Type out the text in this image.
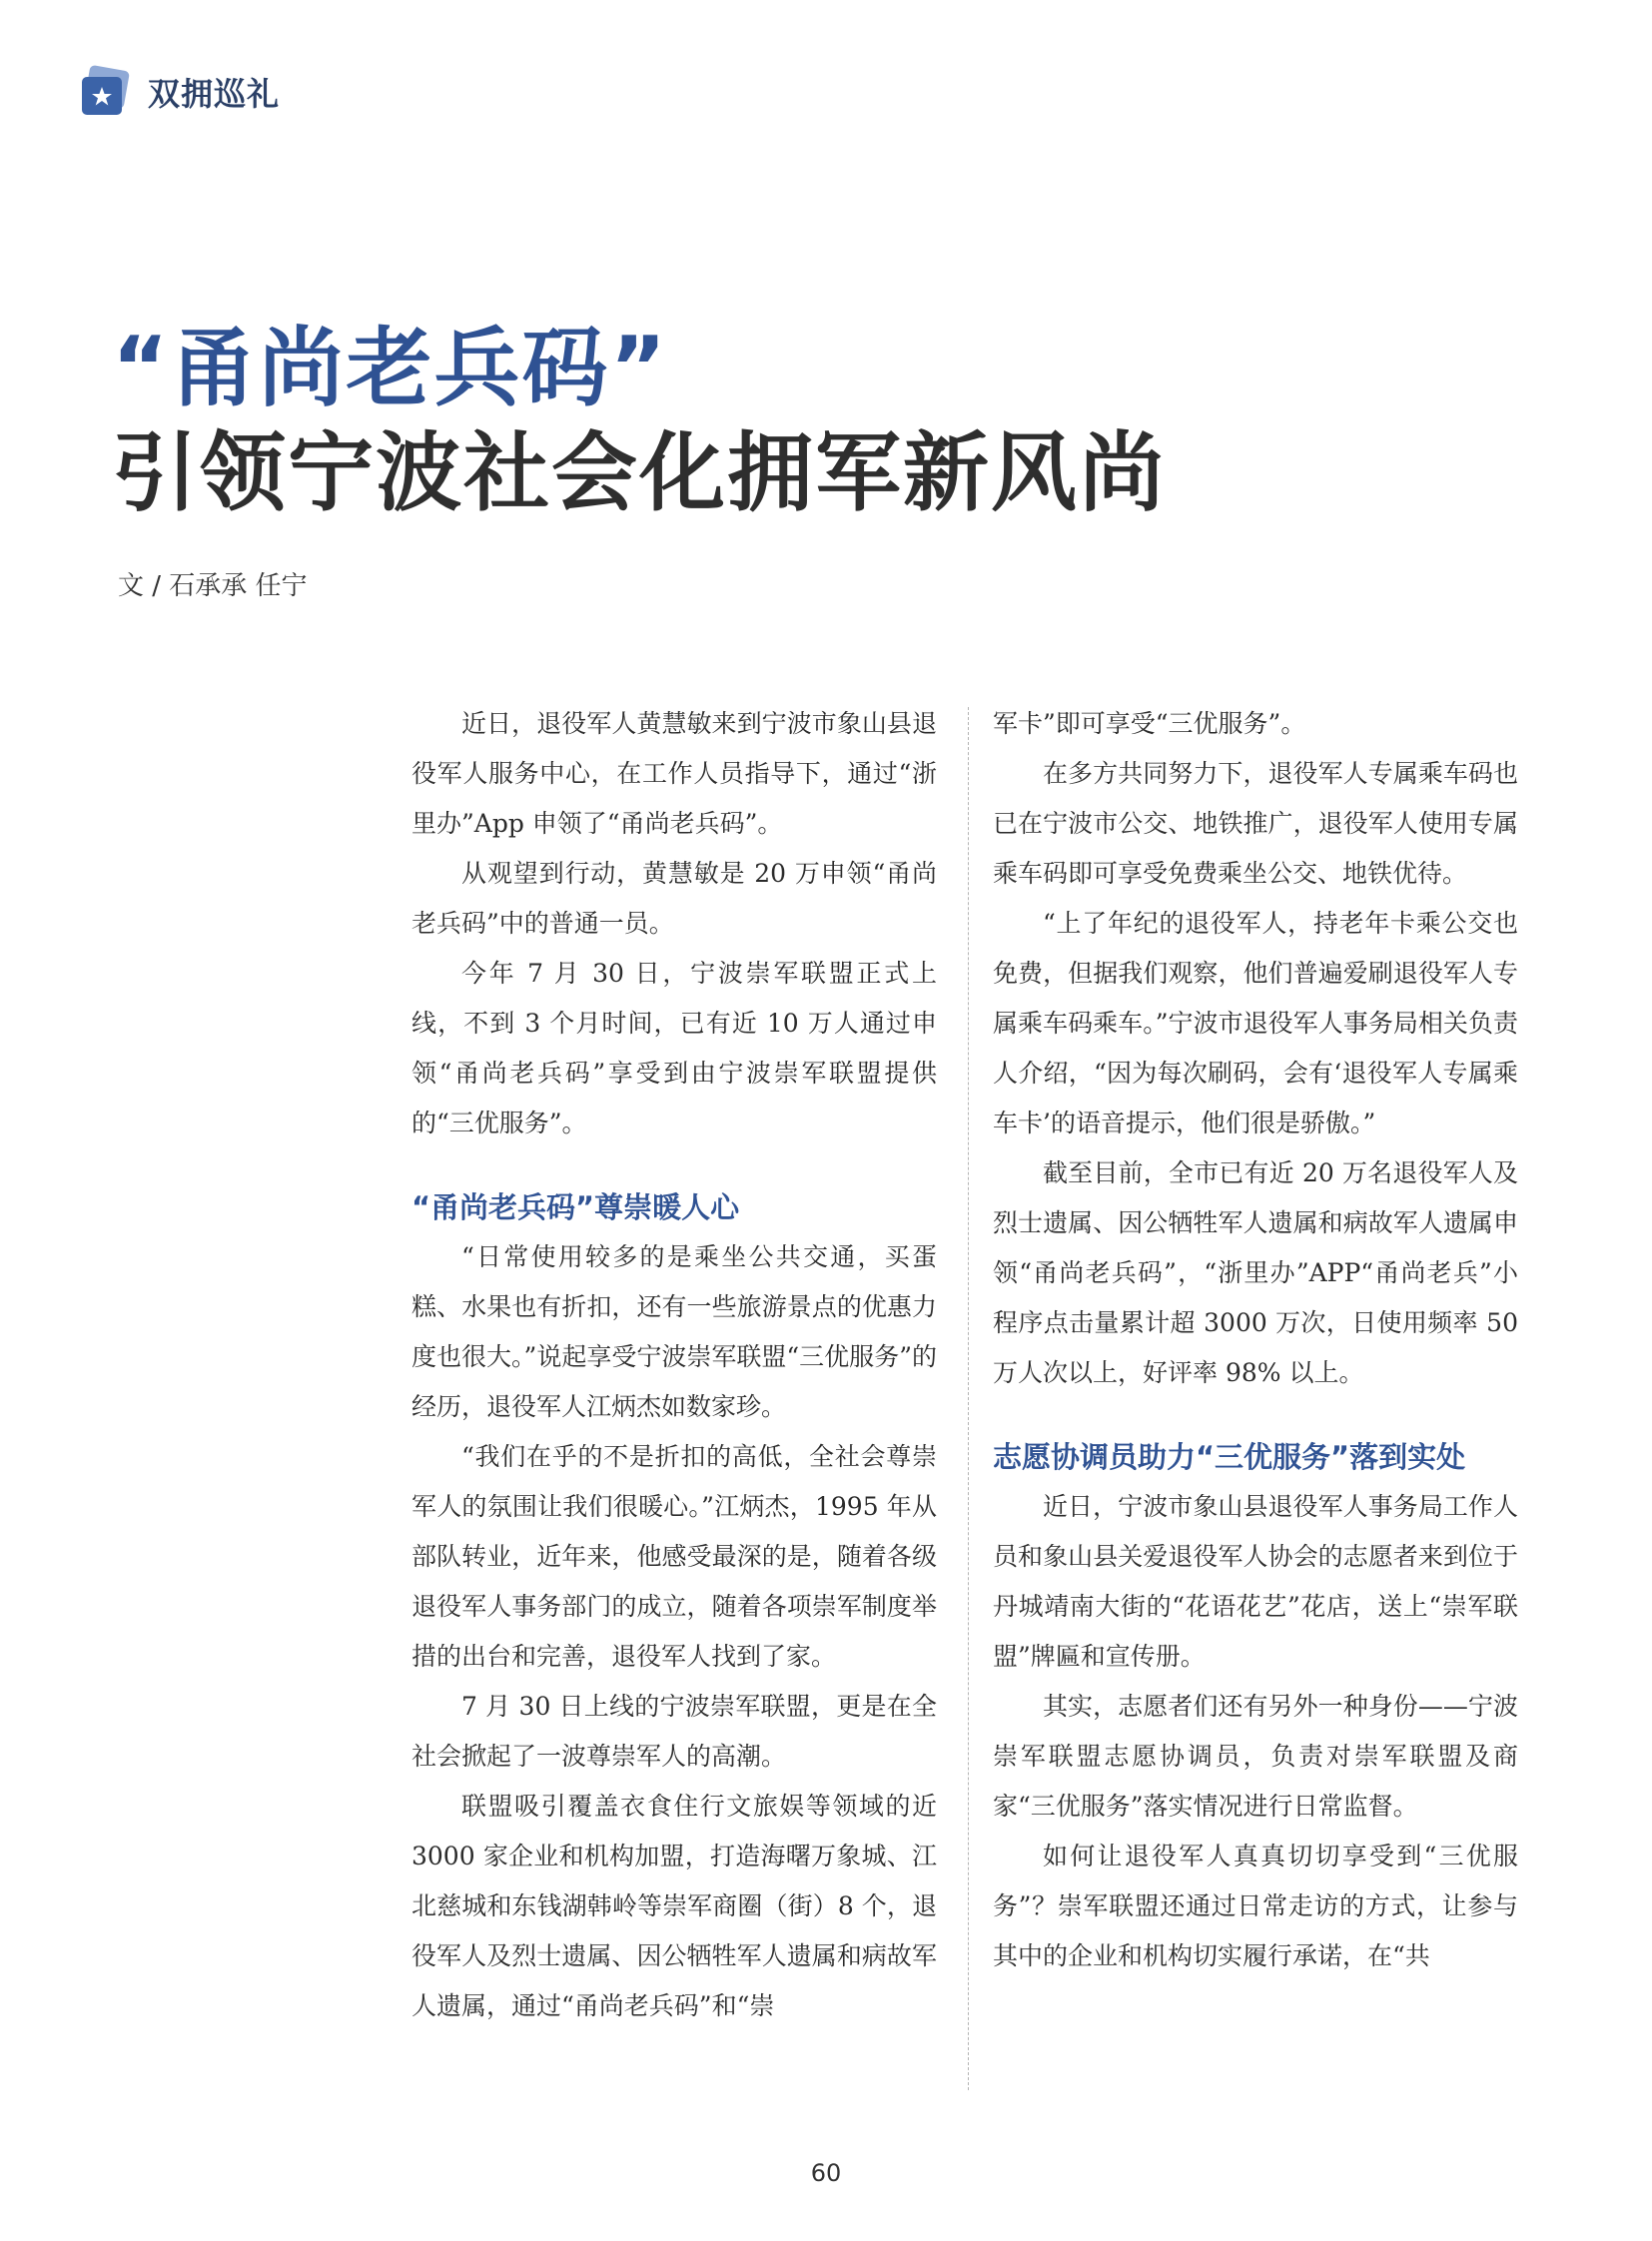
双拥巡礼
“甬尚老兵码”
引领宁波社会化拥军新风尚
文 / 石承承 任宁

近日，退役军人黄慧敏来到宁波市象山县退役军人服务中心，在工作人员指导下，通过“浙里办”App 申领了“甬尚老兵码”。

从观望到行动，黄慧敏是 20 万申领“甬尚老兵码”中的普通一员。

今年 7 月 30 日，宁波崇军联盟正式上线，不到 3 个月时间，已有近 10 万人通过申领“甬尚老兵码”享受到由宁波崇军联盟提供的“三优服务”。

“甬尚老兵码”尊崇暖人心

“日常使用较多的是乘坐公共交通，买蛋糕、水果也有折扣，还有一些旅游景点的优惠力度也很大。”说起享受宁波崇军联盟“三优服务”的经历，退役军人江炳杰如数家珍。

“我们在乎的不是折扣的高低，全社会尊崇军人的氛围让我们很暖心。”江炳杰，1995 年从部队转业，近年来，他感受最深的是，随着各级退役军人事务部门的成立，随着各项崇军制度举措的出台和完善，退役军人找到了家。

7 月 30 日上线的宁波崇军联盟，更是在全社会掀起了一波尊崇军人的高潮。

联盟吸引覆盖衣食住行文旅娱等领域的近 3000 家企业和机构加盟，打造海曙万象城、江北慈城和东钱湖韩岭等崇军商圈（街）8 个，退役军人及烈士遗属、因公牺牲军人遗属和病故军人遗属，通过“甬尚老兵码”和“崇

军卡”即可享受“三优服务”。

在多方共同努力下，退役军人专属乘车码也已在宁波市公交、地铁推广，退役军人使用专属乘车码即可享受免费乘坐公交、地铁优待。

“上了年纪的退役军人，持老年卡乘公交也免费，但据我们观察，他们普遍爱刷退役军人专属乘车码乘车。”宁波市退役军人事务局相关负责人介绍，“因为每次刷码，会有‘退役军人专属乘车卡’的语音提示，他们很是骄傲。”

截至目前，全市已有近 20 万名退役军人及烈士遗属、因公牺牲军人遗属和病故军人遗属申领“甬尚老兵码”，“浙里办”APP“甬尚老兵”小程序点击量累计超 3000 万次，日使用频率 50 万人次以上，好评率 98% 以上。

志愿协调员助力“三优服务”落到实处

近日，宁波市象山县退役军人事务局工作人员和象山县关爱退役军人协会的志愿者来到位于丹城靖南大街的“花语花艺”花店，送上“崇军联盟”牌匾和宣传册。

其实，志愿者们还有另外一种身份——宁波崇军联盟志愿协调员，负责对崇军联盟及商家“三优服务”落实情况进行日常监督。

如何让退役军人真真切切享受到“三优服务”？崇军联盟还通过日常走访的方式，让参与其中的企业和机构切实履行承诺，在“共

60
